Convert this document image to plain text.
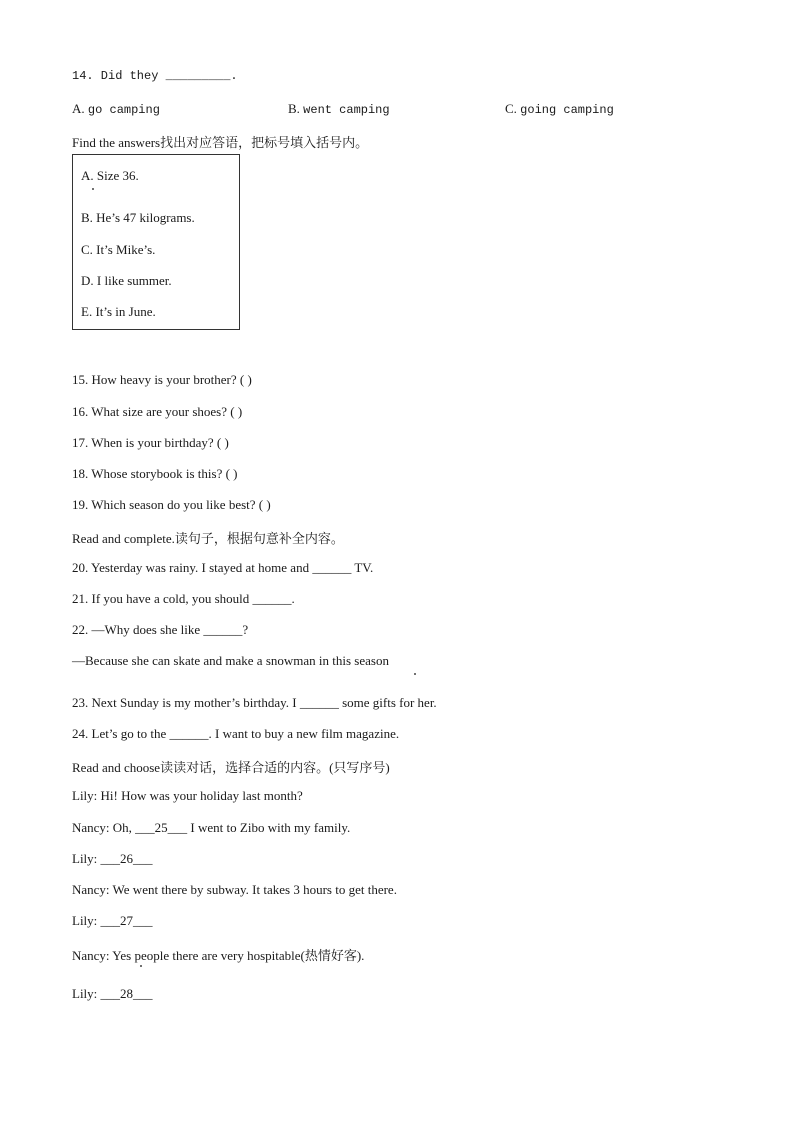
14. Did they _________.
A. go camping	B. went camping	C. going camping
Find the answers找出对应答语，把标号填入括号内。
A. Size 36.
B. He’s 47 kilograms.
C. It’s Mike’s.
D. I like summer.
E. It’s in June.
15. How heavy is your brother? ( )
16. What size are your shoes? ( )
17. When is your birthday? ( )
18. Whose storybook is this? ( )
19. Which season do you like best? ( )
Read and complete.读句子，根据句意补全内容。
20. Yesterday was rainy. I stayed at home and ______ TV.
21. If you have a cold, you should ______.
22. —Why does she like ______?
—Because she can skate and make a snowman in this season
23. Next Sunday is my mother’s birthday. I ______ some gifts for her.
24. Let’s go to the ______. I want to buy a new film magazine.
Read and choose读读对话，选择合适的内容。(只写序号)
Lily: Hi! How was your holiday last month?
Nancy: Oh, ___25___ I went to Zibo with my family.
Lily: ___26___
Nancy: We went there by subway. It takes 3 hours to get there.
Lily: ___27___
Nancy: Yes people there are very hospitable(热情好客).
Lily: ___28___
